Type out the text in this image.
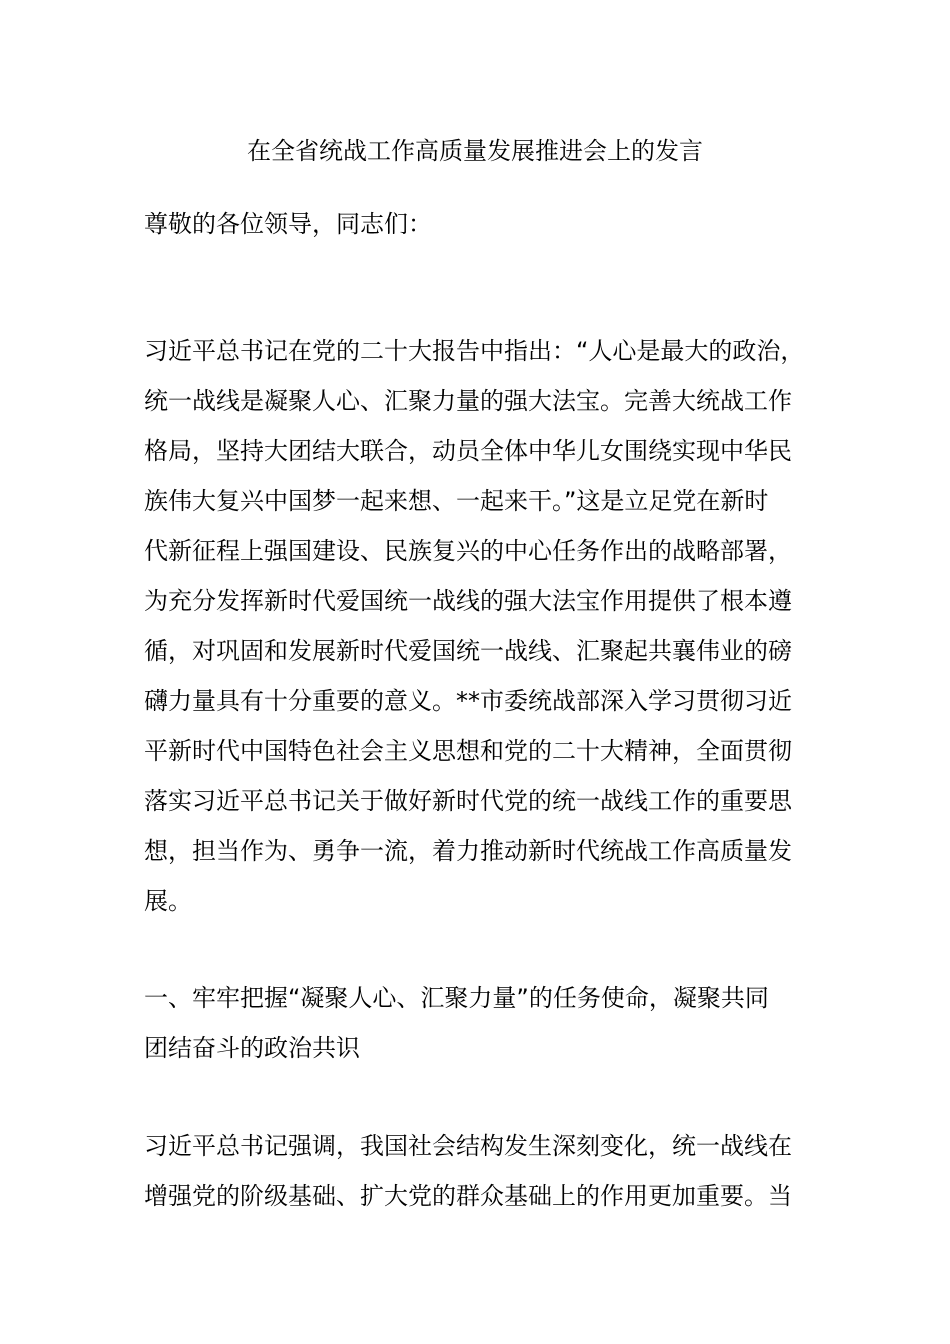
在全省统战工作高质量发展推进会上的发言
尊敬的各位领导，同志们：
习近平总书记在党的二十大报告中指出：“人心是最大的政治，
统一战线是凝聚人心、汇聚力量的强大法宝。完善大统战工作
格局，坚持大团结大联合，动员全体中华儿女围绕实现中华民
族伟大复兴中国梦一起来想、一起来干。”这是立足党在新时
代新征程上强国建设、民族复兴的中心任务作出的战略部署，
为充分发挥新时代爱国统一战线的强大法宝作用提供了根本遵
循，对巩固和发展新时代爱国统一战线、汇聚起共襄伟业的磅
礴力量具有十分重要的意义。**市委统战部深入学习贯彻习近
平新时代中国特色社会主义思想和党的二十大精神，全面贯彻
落实习近平总书记关于做好新时代党的统一战线工作的重要思
想，担当作为、勇争一流，着力推动新时代统战工作高质量发
展。
一、牢牢把握“凝聚人心、汇聚力量”的任务使命，凝聚共同
团结奋斗的政治共识
习近平总书记强调，我国社会结构发生深刻变化，统一战线在
增强党的阶级基础、扩大党的群众基础上的作用更加重要。当
